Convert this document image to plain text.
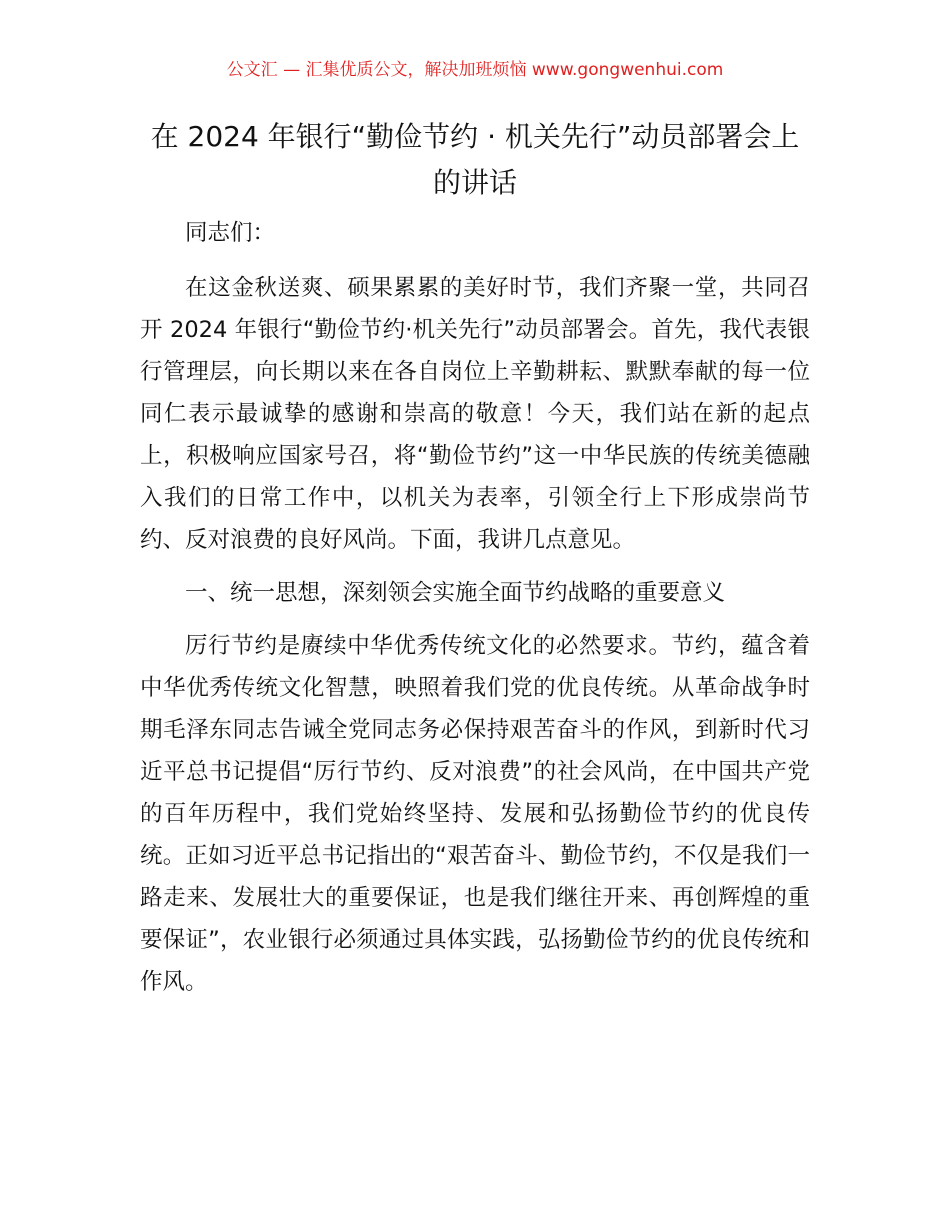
公文汇 — 汇集优质公文，解决加班烦恼 www.gongwenhui.com
在 2024 年银行“勤俭节约 · 机关先行”动员部署会上的讲话

同志们：

在这金秋送爽、硕果累累的美好时节，我们齐聚一堂，共同召开 2024 年银行“勤俭节约·机关先行”动员部署会。首先，我代表银行管理层，向长期以来在各自岗位上辛勤耕耘、默默奉献的每一位同仁表示最诚挚的感谢和崇高的敬意！今天，我们站在新的起点上，积极响应国家号召，将“勤俭节约”这一中华民族的传统美德融入我们的日常工作中，以机关为表率，引领全行上下形成崇尚节约、反对浪费的良好风尚。下面，我讲几点意见。

一、统一思想，深刻领会实施全面节约战略的重要意义

厉行节约是赓续中华优秀传统文化的必然要求。节约，蕴含着中华优秀传统文化智慧，映照着我们党的优良传统。从革命战争时期毛泽东同志告诫全党同志务必保持艰苦奋斗的作风，到新时代习近平总书记提倡“厉行节约、反对浪费”的社会风尚，在中国共产党的百年历程中，我们党始终坚持、发展和弘扬勤俭节约的优良传统。正如习近平总书记指出的“艰苦奋斗、勤俭节约，不仅是我们一路走来、发展壮大的重要保证，也是我们继往开来、再创辉煌的重要保证”，农业银行必须通过具体实践，弘扬勤俭节约的优良传统和作风。
